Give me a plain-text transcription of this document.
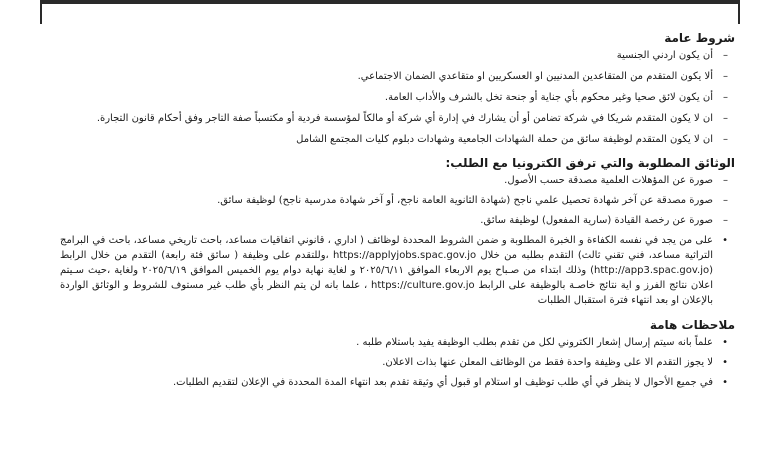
شروط عامة

– أن يكون اردني الجنسية
– ألا يكون المتقدم من المتقاعدين المدنيين او العسكريين او متقاعدي الضمان الاجتماعي.
– أن يكون لائق صحيا وغير محكوم بأي جناية أو جنحة تخل بالشرف والأداب العامة.
– ان لا يكون المتقدم شريكا في شركة تضامن أو أن يشارك في إدارة أي شركة أو مالكاً لمؤسسة فردية أو مكتسباً صفة التاجر وفق أحكام قانون التجارة.
– ان لا يكون المتقدم لوظيفة سائق من حملة الشهادات الجامعية وشهادات دبلوم كليات المجتمع الشامل

الوثائق المطلوبة والتي ترفق الكترونيا مع الطلب:

– صورة عن المؤهلات العلمية مصدقة حسب الأصول.
– صورة مصدقة عن آخر شهادة تحصيل علمي ناجح (شهادة الثانوية العامة ناجح، أو آخر شهادة مدرسية ناجح) لوظيفة سائق.
– صورة عن رخصة القيادة (سارية المفعول) لوظيفة سائق.
• على من يجد في نفسه الكفاءة و الخبرة المطلوبة و ضمن الشروط المحددة لوظائف ( اداري ، قانوني اتفاقيات مساعد، باحث تاريخي مساعد، باحث في البرامج التراثية مساعد، فني تقني ثالث) التقدم بطلبه من خلال https://applyjobs.spac.gov.jo ،وللتقدم على وظيفة ( سائق فئة رابعة) التقدم من خلال الرابط (http://app3.spac.gov.jo) وذلك ابتداء من صـباح يوم الاربعاء الموافق ٢٠٢٥/٦/١١ و لغاية نهاية دوام يوم الخميس الموافق ٢٠٢٥/٦/١٩ ولغاية ،حيث سـيتم اعلان نتائج الفرز و اية نتائج خاصـة بالوظيفة على الرابط https://culture.gov.jo ، علما بانه لن يتم النظر بأي طلب غير مستوف للشروط و الوثائق الواردة بالإعلان او بعد انتهاء فترة استقبال الطلبات

ملاحظات هامة

• علماً بانه سيتم إرسال إشعار الكتروني لكل من تقدم بطلب الوظيفة يفيد باستلام طلبه .
• لا يجوز التقدم الا على وظيفة واحدة فقط من الوظائف المعلن عنها بذات الاعلان.
• في جميع الأحوال لا ينظر في أي طلب توظيف او استلام او قبول أي وثيقة تقدم بعد انتهاء المدة المحددة في الإعلان لتقديم الطلبات.
